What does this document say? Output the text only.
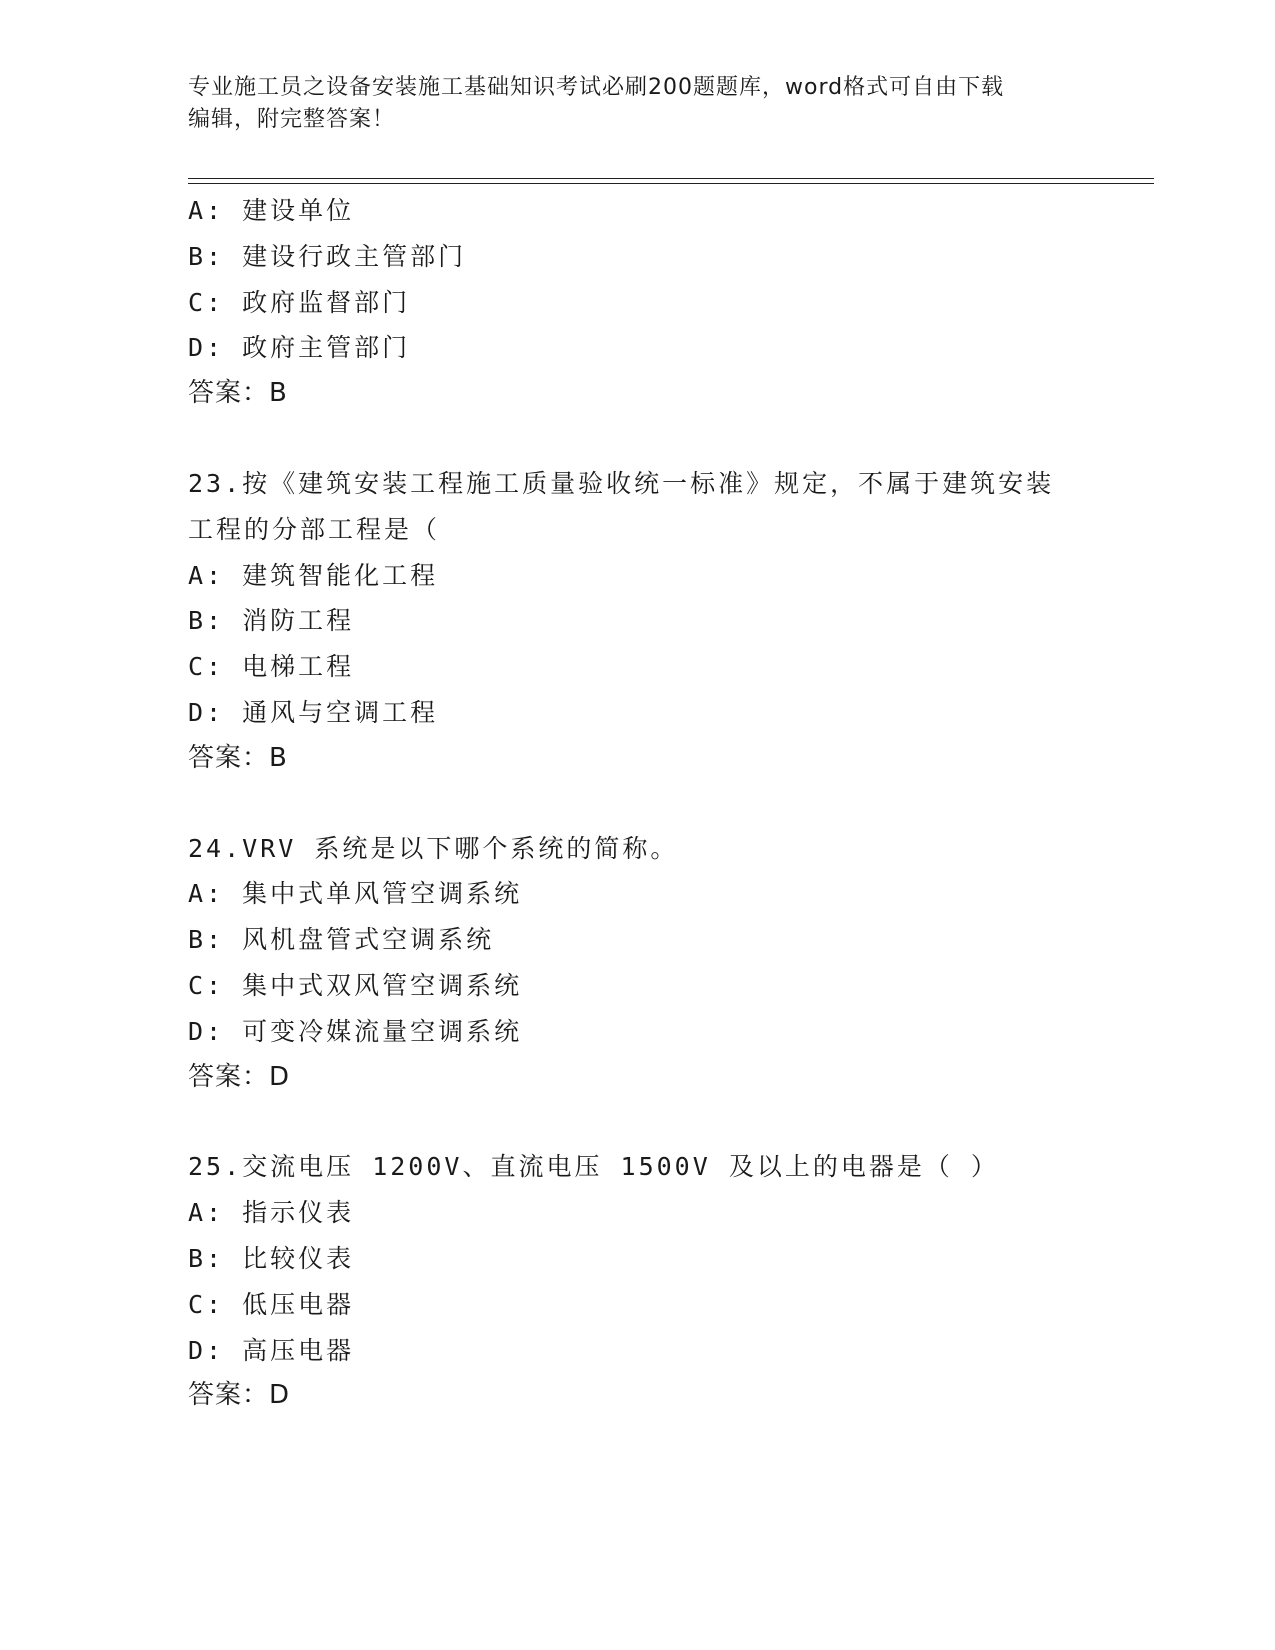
专业施工员之设备安装施工基础知识考试必刷200题题库，word格式可自由下载
编辑，附完整答案！
A: 建设单位
B: 建设行政主管部门
C: 政府监督部门
D: 政府主管部门
答案：B
23.按《建筑安装工程施工质量验收统一标准》规定，不属于建筑安装
工程的分部工程是（
A: 建筑智能化工程
B: 消防工程
C: 电梯工程
D: 通风与空调工程
答案：B
24.VRV 系统是以下哪个系统的简称。
A: 集中式单风管空调系统
B: 风机盘管式空调系统
C: 集中式双风管空调系统
D: 可变冷媒流量空调系统
答案：D
25.交流电压 1200V、直流电压 1500V 及以上的电器是（ ）
A: 指示仪表
B: 比较仪表
C: 低压电器
D: 高压电器
答案：D
